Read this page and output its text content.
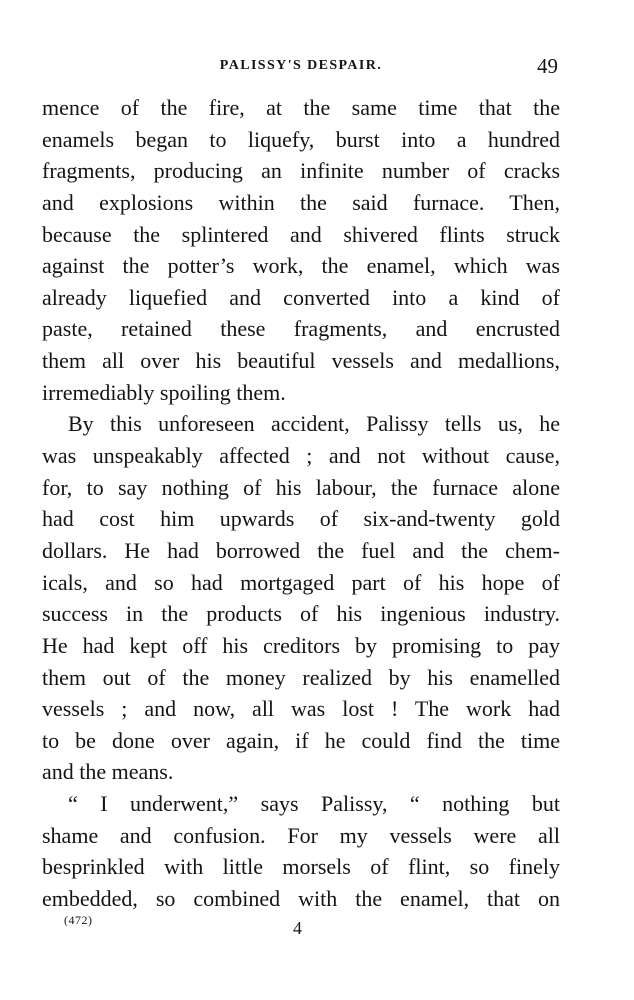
PALISSY'S DESPAIR.	49
mence of the fire, at the same time that the
enamels began to liquefy, burst into a hundred
fragments, producing an infinite number of cracks
and explosions within the said furnace. Then,
because the splintered and shivered flints struck
against the potter’s work, the enamel, which was
already liquefied and converted into a kind of
paste, retained these fragments, and encrusted
them all over his beautiful vessels and medallions,
irremediably spoiling them.
By this unforeseen accident, Palissy tells us, he
was unspeakably affected ; and not without cause,
for, to say nothing of his labour, the furnace alone
had cost him upwards of six-and-twenty gold
dollars. He had borrowed the fuel and the chem-
icals, and so had mortgaged part of his hope of
success in the products of his ingenious industry.
He had kept off his creditors by promising to pay
them out of the money realized by his enamelled
vessels ; and now, all was lost ! The work had
to be done over again, if he could find the time
and the means.
“ I underwent,” says Palissy, “ nothing but
shame and confusion. For my vessels were all
besprinkled with little morsels of flint, so finely
embedded, so combined with the enamel, that on
(472)	4
